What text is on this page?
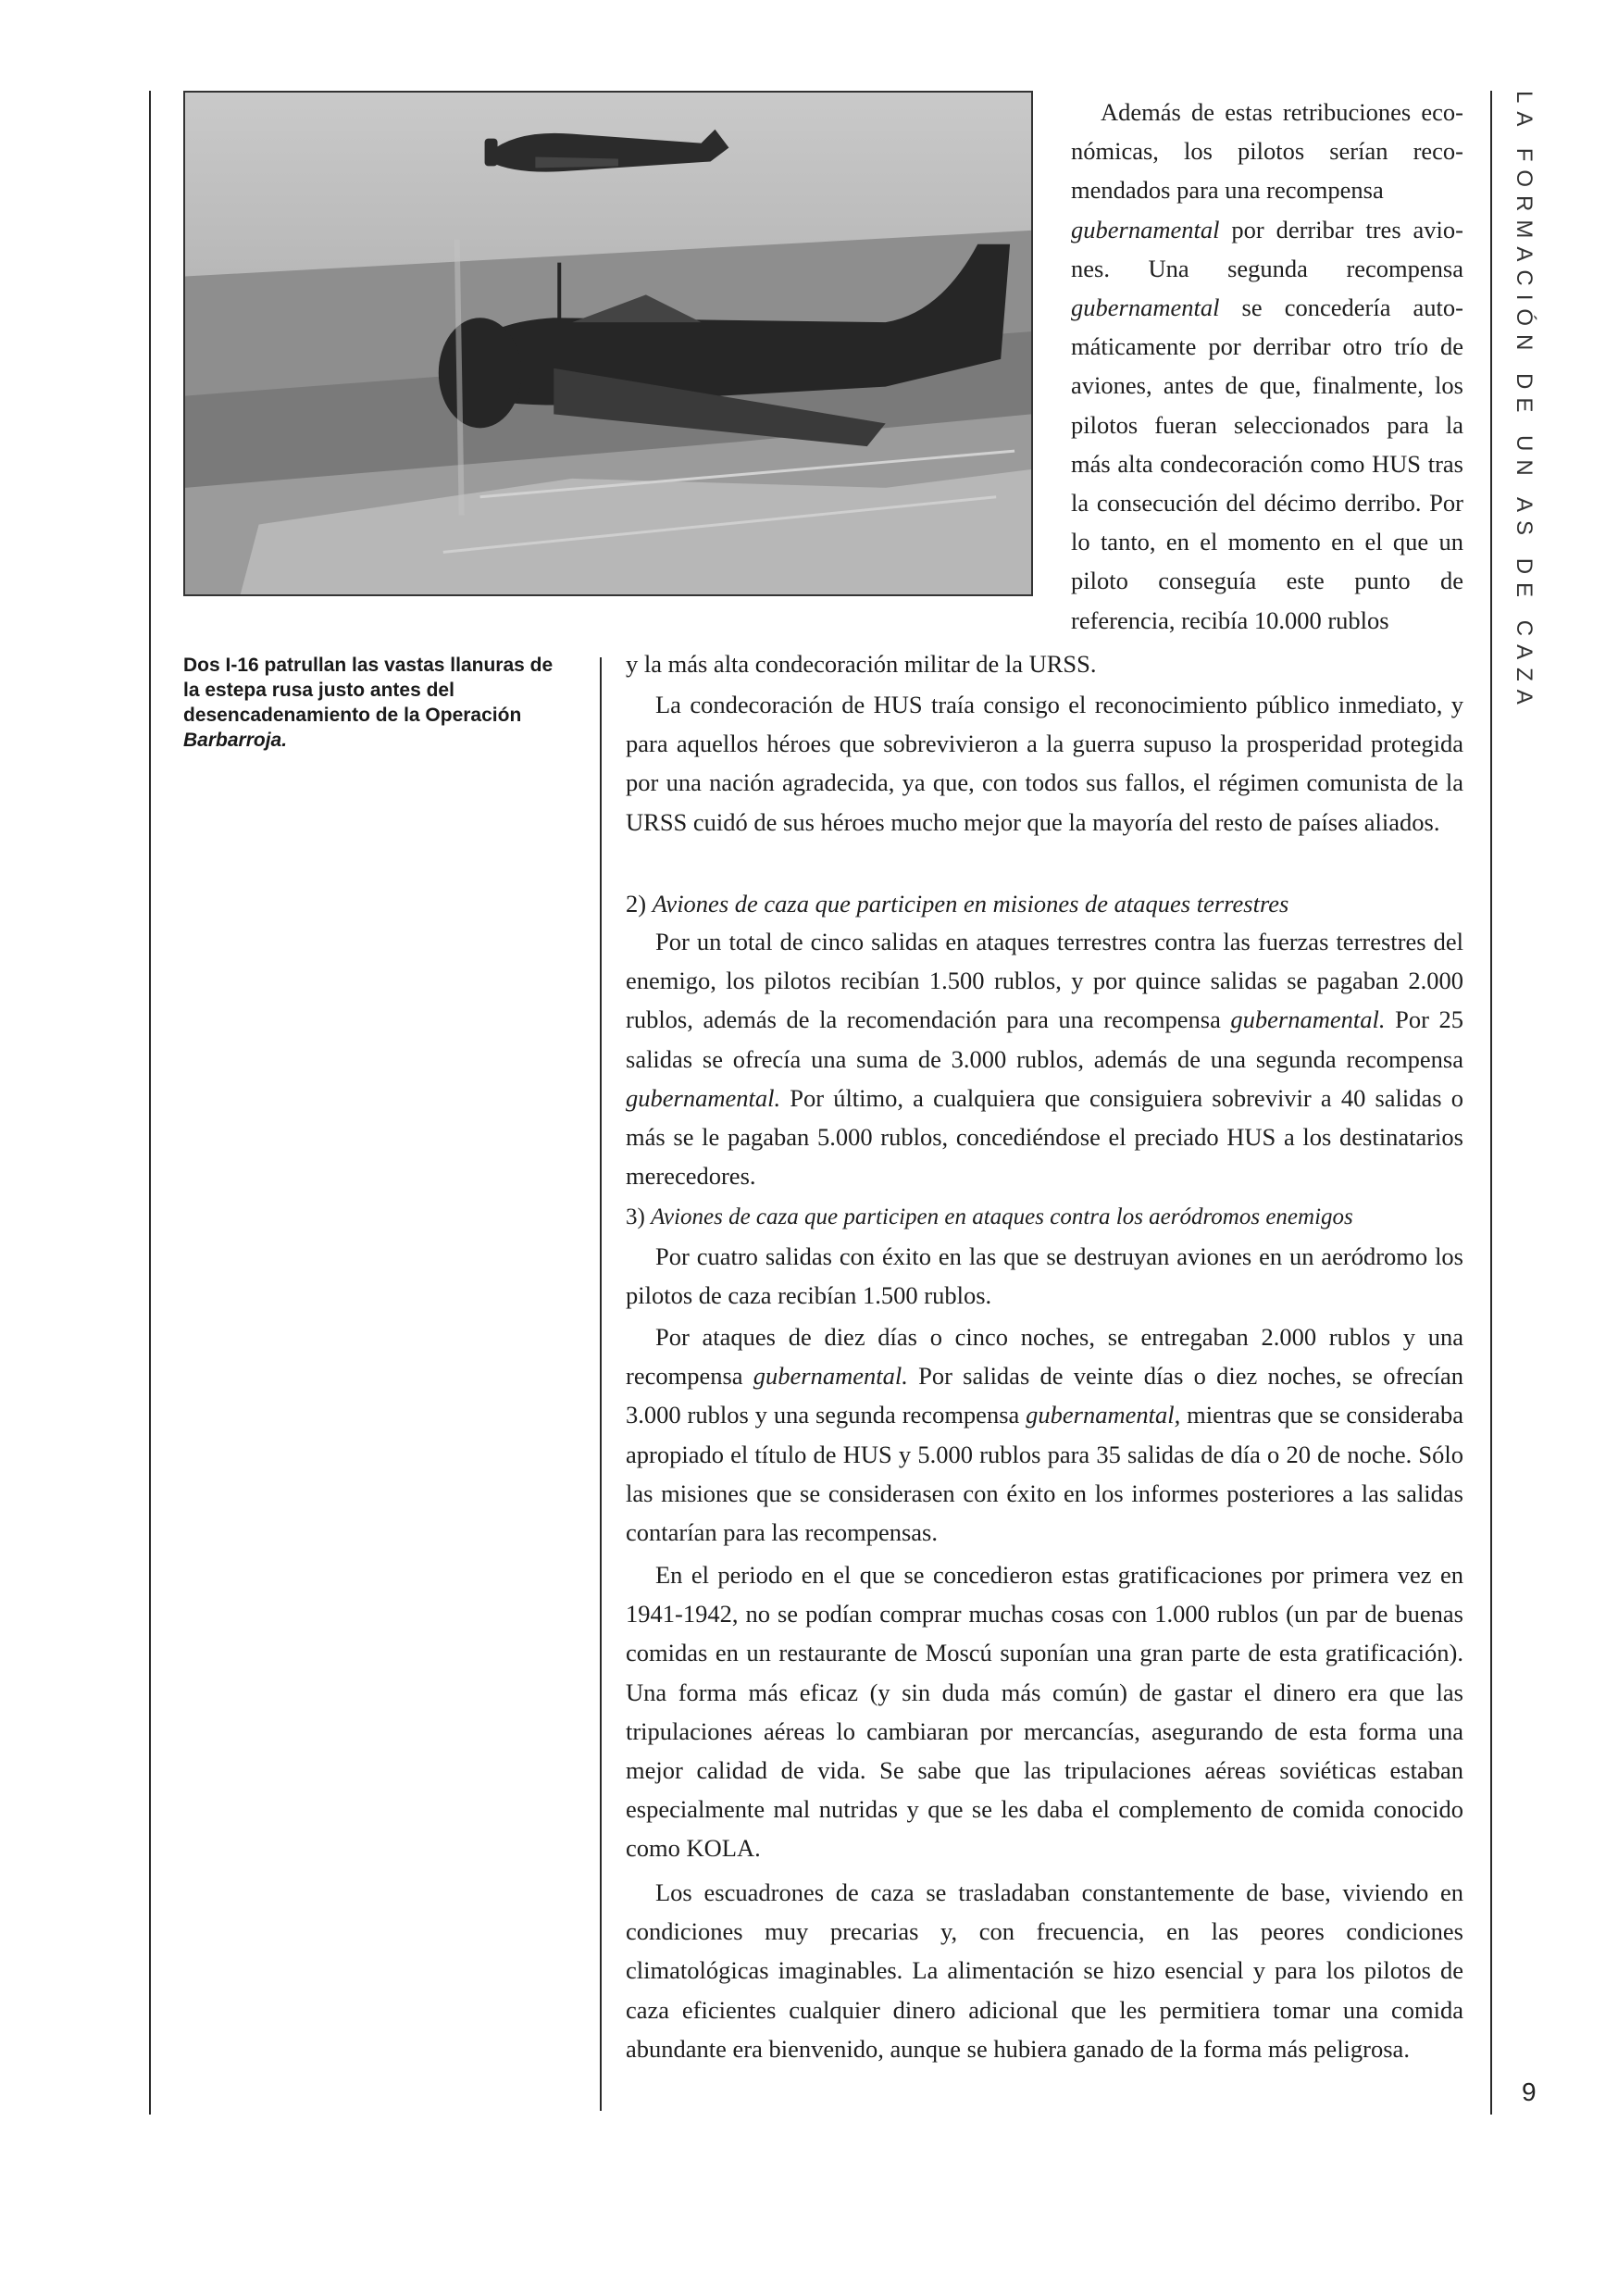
Dos I-16 patrullan las vastas llanuras de la estepa rusa justo antes del desencadenamiento de la Operación Barbarroja.
Además de estas retribuciones económicas, los pilotos serían recomendados para una recompensa
gubernamental por derribar tres aviones. Una segunda recompensa gubernamental se concedería automáticamente por derribar otro trío de aviones, antes de que, finalmente, los pilotos fueran seleccionados para la más alta condecoración como HUS tras la consecución del décimo derribo. Por lo tanto, en el momento en el que un piloto conseguía este punto de referencia, recibía 10.000 rublos
y la más alta condecoración militar de la URSS.
La condecoración de HUS traía consigo el reconocimiento público inmediato, y para aquellos héroes que sobrevivieron a la guerra supuso la prosperidad protegida por una nación agradecida, ya que, con todos sus fallos, el régimen comunista de la URSS cuidó de sus héroes mucho mejor que la mayoría del resto de países aliados.
2) Aviones de caza que participen en misiones de ataques terrestres
Por un total de cinco salidas en ataques terrestres contra las fuerzas terrestres del enemigo, los pilotos recibían 1.500 rublos, y por quince salidas se pagaban 2.000 rublos, además de la recomendación para una recompensa gubernamental. Por 25 salidas se ofrecía una suma de 3.000 rublos, además de una segunda recompensa gubernamental. Por último, a cualquiera que consiguiera sobrevivir a 40 salidas o más se le pagaban 5.000 rublos, concediéndose el preciado HUS a los destinatarios merecedores.
3) Aviones de caza que participen en ataques contra los aeródromos enemigos
Por cuatro salidas con éxito en las que se destruyan aviones en un aeródromo los pilotos de caza recibían 1.500 rublos.
Por ataques de diez días o cinco noches, se entregaban 2.000 rublos y una recompensa gubernamental. Por salidas de veinte días o diez noches, se ofrecían 3.000 rublos y una segunda recompensa gubernamental, mientras que se consideraba apropiado el título de HUS y 5.000 rublos para 35 salidas de día o 20 de noche. Sólo las misiones que se considerasen con éxito en los informes posteriores a las salidas contarían para las recompensas.
En el periodo en el que se concedieron estas gratificaciones por primera vez en 1941-1942, no se podían comprar muchas cosas con 1.000 rublos (un par de buenas comidas en un restaurante de Moscú suponían una gran parte de esta gratificación). Una forma más eficaz (y sin duda más común) de gastar el dinero era que las tripulaciones aéreas lo cambiaran por mercancías, asegurando de esta forma una mejor calidad de vida. Se sabe que las tripulaciones aéreas soviéticas estaban especialmente mal nutridas y que se les daba el complemento de comida conocido como KOLA.
Los escuadrones de caza se trasladaban constantemente de base, viviendo en condiciones muy precarias y, con frecuencia, en las peores condiciones climatológicas imaginables. La alimentación se hizo esencial y para los pilotos de caza eficientes cualquier dinero adicional que les permitiera tomar una comida abundante era bienvenido, aunque se hubiera ganado de la forma más peligrosa.
LA FORMACIÓN DE UN AS DE CAZA
9
